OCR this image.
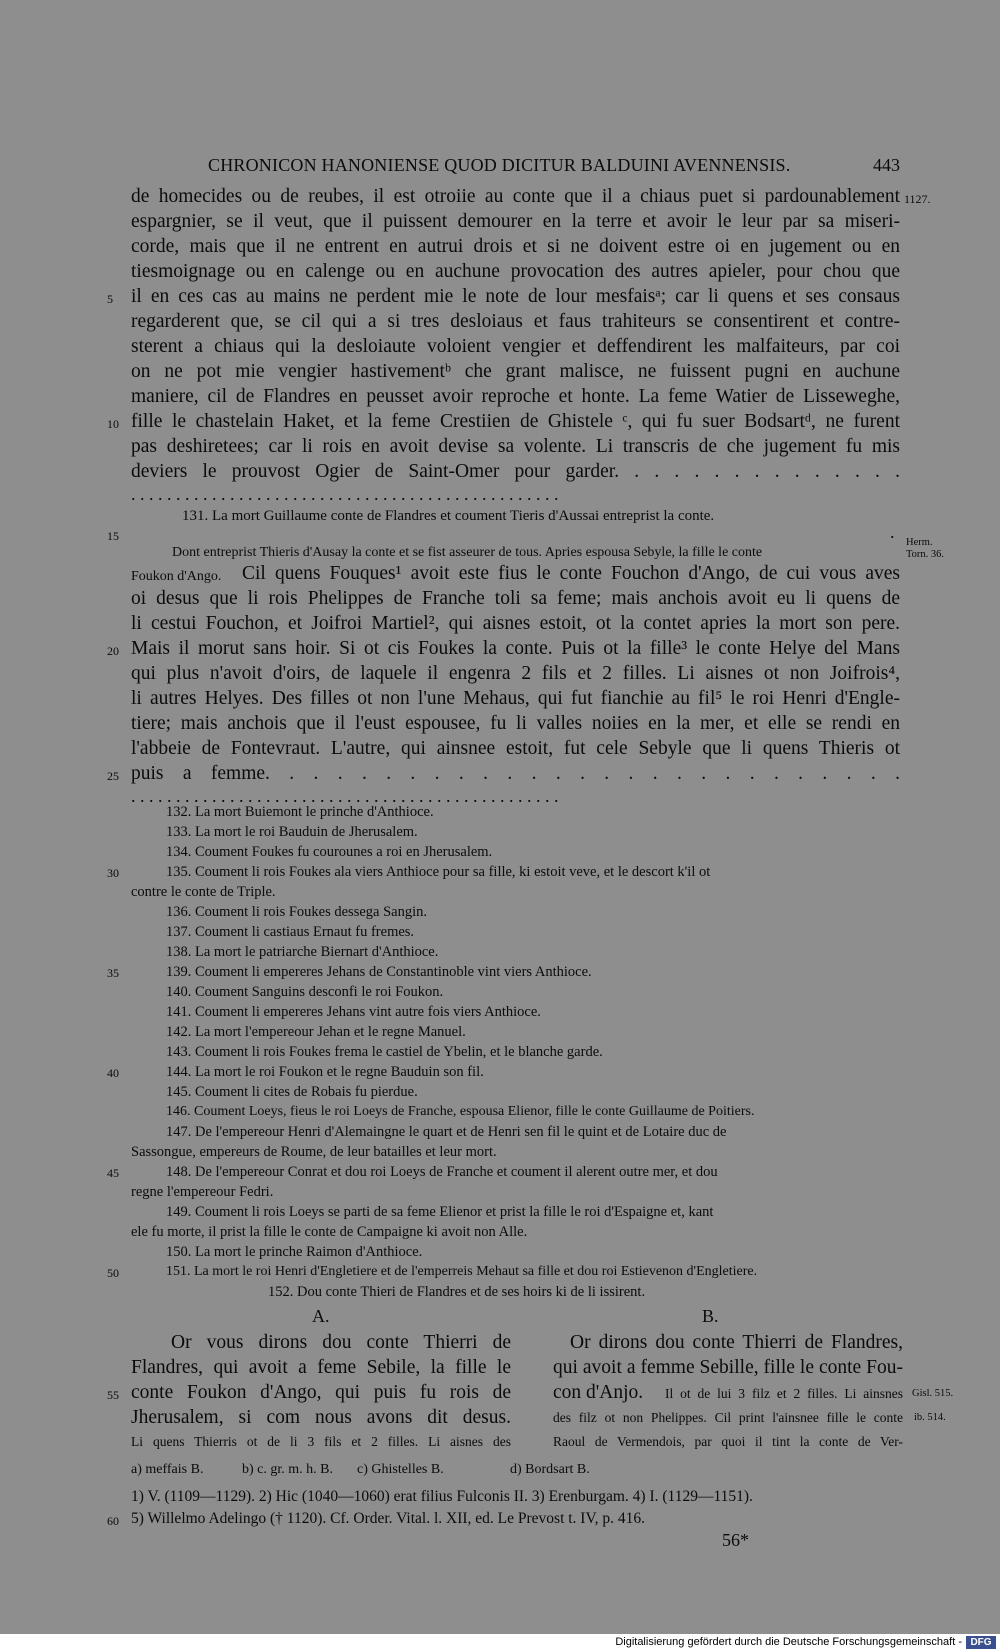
CHRONICON HANONIENSE QUOD DICITUR BALDUINI AVENNENSIS.	443
de homecides ou de reubes, il est otroiie au conte que il a chiaus puet si pardounablement 1127.
espargnier, se il veut, que il puissent demourer en la terre et avoir le leur par sa miseri-
corde, mais que il ne entrent en autrui drois et si ne doivent estre oi en jugement ou en
tiesmoignage ou en calenge ou en auchune provocation des autres apieler, pour chou que
5 il en ces cas au mains ne perdent mie le note de lour mesfaisᵃ; car li quens et ses consaus
regarderent que, se cil qui a si tres desloiaus et faus trahiteurs se consentirent et contre-
sterent a chiaus qui la desloiaute voloient vengier et deffendirent les malfaiteurs, par coi
on ne pot mie vengier hastivementᵇ che grant malisce, ne fuissent pugni en auchune
maniere, cil de Flandres en peusset avoir reproche et honte. La feme Watier de Lisseweghe,
10 fille le chastelain Haket, et la feme Crestiien de Ghistele ᶜ, qui fu suer Bodsartᵈ, ne furent
pas deshiretees; car li rois en avoit devise sa volente. Li transcris de che jugement fu mis
deviers le prouvost Ogier de Saint-Omer pour garder. . . . . . . . . . . . . . .
. . . . . . . . . . . . . . . . . . . . . . . . . . . . . . . . . . . . . . . . . . . . . . . .
131. La mort Guillaume conte de Flandres et coument Tieris d'Aussai entreprist la conte.
15	.
Dont entreprist Thieris d'Ausay la conte et se fist asseurer de tous. Apries espousa Sebyle, la fille le conte
Herm.
Torn. 36.
Foukon d'Ango. Cil quens Fouques¹ avoit este fius le conte Fouchon d'Ango, de cui vous aves
oi desus que li rois Phelippes de Franche toli sa feme; mais anchois avoit eu li quens de
li cestui Fouchon, et Joifroi Martiel², qui aisnes estoit, ot la contet apries la mort son pere.
20 Mais il morut sans hoir. Si ot cis Foukes la conte. Puis ot la fille³ le conte Helye del Mans
qui plus n'avoit d'oirs, de laquele il engenra 2 fils et 2 filles. Li aisnes ot non Joifrois⁴,
li autres Helyes. Des filles ot non l'une Mehaus, qui fut fianchie au fil⁵ le roi Henri d'Engle-
tiere; mais anchois que il l'eust espousee, fu li valles noiies en la mer, et elle se rendi en
l'abbeie de Fontevraut. L'autre, qui ainsnee estoit, fut cele Sebyle que li quens Thieris ot
25 puis a femme. . . . . . . . . . . . . . . . . . . . . . . . . . .
. . . . . . . . . . . . . . . . . . . . . . . . . . . . . . . . . . . . . . . . . . . . . . . .
132. La mort Buiemont le princhе d'Anthioce.
133. La mort le roi Bauduin de Jherusalem.
134. Coument Foukes fu courounes a roi en Jherusalem.
30	135. Coument li rois Foukes ala viers Anthioce pour sa fille, ki estoit veve, et le descort k'il ot
contre le conte de Triple.
136. Coument li rois Foukes dessega Sangin.
137. Coument li castiaus Ernaut fu fremes.
138. La mort le patriarche Biernart d'Anthioce.
35	139. Coument li empereres Jehans de Constantinoble vint viers Anthioce.
140. Coument Sanguins desconfi le roi Foukon.
141. Coument li empereres Jehans vint autre fois viers Anthioce.
142. La mort l'empereour Jehan et le regne Manuel.
143. Coument li rois Foukes frema le castiel de Ybelin, et le blanche garde.
40	144. La mort le roi Foukon et le regne Bauduin son fil.
145. Coument li cites de Robais fu pierdue.
146. Coument Loeys, fieus le roi Loeys de Franche, espousa Elienor, fille le conte Guillaume de Poitiers.
147. De l'empereour Henri d'Alemaingne le quart et de Henri sen fil le quint et de Lotaire duc de
Sassongue, empereurs de Roume, de leur batailles et leur mort.
45	148. De l'empereour Conrat et dou roi Loeys de Franche et coument il alerent outre mer, et dou
regne l'empereour Fedri.
149. Coument li rois Loeys se parti de sa feme Elienor et prist la fille le roi d'Espaigne et, kant
ele fu morte, il prist la fille le conte de Campaigne ki avoit non Alle.
150. La mort le princhе Raimon d'Anthioce.
50	151. La mort le roi Henri d'Engletiere et de l'emperreis Mehaut sa fille et dou roi Estievenon d'Engletiere.
152. Dou conte Thieri de Flandres et de ses hoirs ki de li issirent.
A.	B.
Or vous dirons dou conte Thierri de
Flandres, qui avoit a feme Sebile, la fille le
55 conte Foukon d'Ango, qui puis fu rois de
Jherusalem, si com nous avons dit desus.
Li quens Thierris ot de li 3 fils et 2 filles. Li aisnes des
Or dirons dou conte Thierri de Flandres,
qui avoit a femme Sebille, fille le conte Fou-
con d'Anjo. Il ot de lui 3 filz et 2 filles. Li ainsnes
des filz ot non Phelippes. Cil print l'ainsnee fille le conte
Raoul de Vermendois, par quoi il tint la conte de Ver-
Gisl. 515.
ib. 514.
a) meffais B.	b) c. gr. m. h. B. c) Ghistelles B.	d) Bordsart B.
1) V. (1109—1129). 2) Hic (1040—1060) erat filius Fulconis II. 3) Erenburgam. 4) I. (1129—1151).
60 5) Willelmo Adelingo († 1120). Cf. Order. Vital. l. XII, ed. Le Prevost t. IV, p. 416.
56*
Digitalisierung gefördert durch die Deutsche Forschungsgemeinschaft - DFG
